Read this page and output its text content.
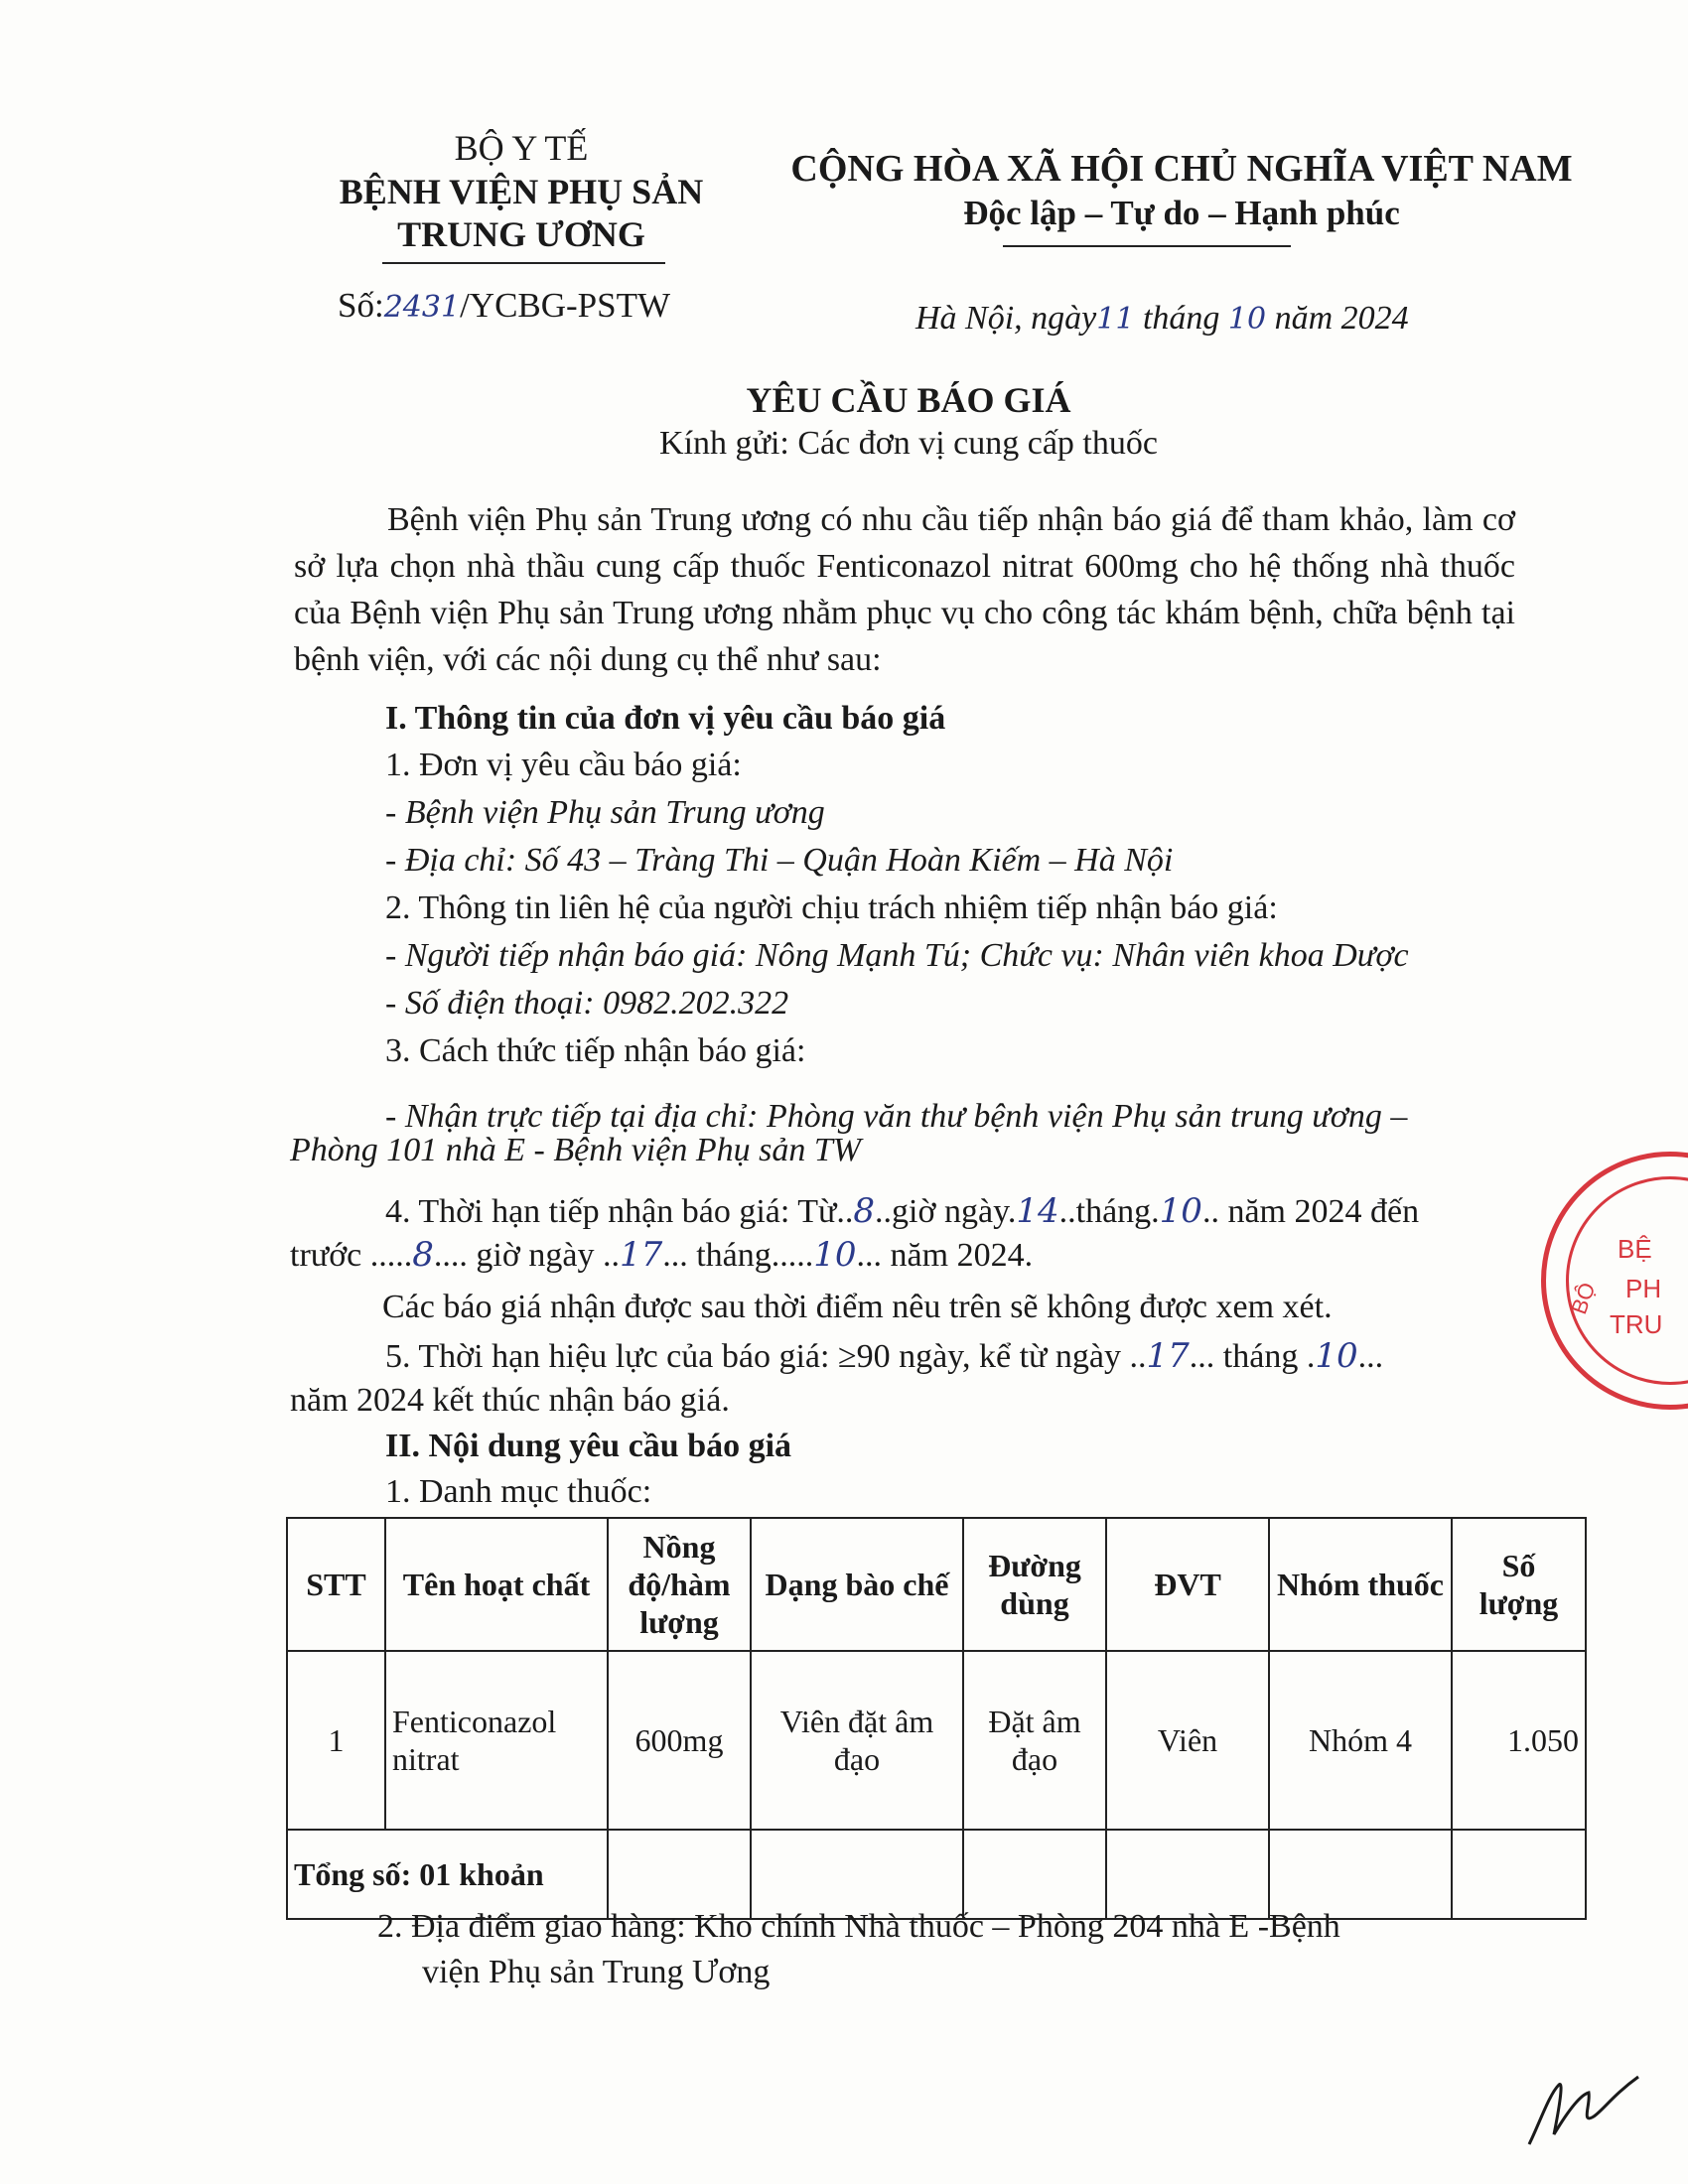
BỘ Y TẾ
BỆNH VIỆN PHỤ SẢN
TRUNG ƯƠNG
Số:2431/YCBG-PSTW
CỘNG HÒA XÃ HỘI CHỦ NGHĨA VIỆT NAM
Độc lập – Tự do – Hạnh phúc
Hà Nội, ngày11 tháng 10 năm 2024
YÊU CẦU BÁO GIÁ
Kính gửi: Các đơn vị cung cấp thuốc
Bệnh viện Phụ sản Trung ương có nhu cầu tiếp nhận báo giá để tham khảo, làm cơ sở lựa chọn nhà thầu cung cấp thuốc Fenticonazol nitrat 600mg cho hệ thống nhà thuốc của Bệnh viện Phụ sản Trung ương nhằm phục vụ cho công tác khám bệnh, chữa bệnh tại bệnh viện, với các nội dung cụ thể như sau:
I. Thông tin của đơn vị yêu cầu báo giá
1. Đơn vị yêu cầu báo giá:
- Bệnh viện Phụ sản Trung ương
- Địa chỉ: Số 43 – Tràng Thi – Quận Hoàn Kiếm – Hà Nội
2. Thông tin liên hệ của người chịu trách nhiệm tiếp nhận báo giá:
- Người tiếp nhận báo giá: Nông Mạnh Tú; Chức vụ: Nhân viên khoa Dược
- Số điện thoại: 0982.202.322
3. Cách thức tiếp nhận báo giá:
- Nhận trực tiếp tại địa chỉ: Phòng văn thư bệnh viện Phụ sản trung ương –
Phòng 101 nhà E - Bệnh viện Phụ sản TW
4. Thời hạn tiếp nhận báo giá: Từ..8..giờ ngày.14..tháng.10.. năm 2024 đến
trước .....8.... giờ ngày ..17... tháng.....10... năm 2024.
Các báo giá nhận được sau thời điểm nêu trên sẽ không được xem xét.
5. Thời hạn hiệu lực của báo giá: ≥90 ngày, kể từ ngày ..17... tháng .10...
năm 2024 kết thúc nhận báo giá.
II. Nội dung yêu cầu báo giá
1. Danh mục thuốc:
STT	Tên hoạt chất	Nồng độ/hàm lượng	Dạng bào chế	Đường dùng	ĐVT	Nhóm thuốc	Số lượng
1	Fenticonazol nitrat	600mg	Viên đặt âm đạo	Đặt âm đạo	Viên	Nhóm 4	1.050
Tổng số: 01 khoản							
2. Địa điểm giao hàng: Kho chính Nhà thuốc – Phòng 204 nhà E -Bệnh
viện Phụ sản Trung Ương
BỆ
PH
TRU
BỘ
